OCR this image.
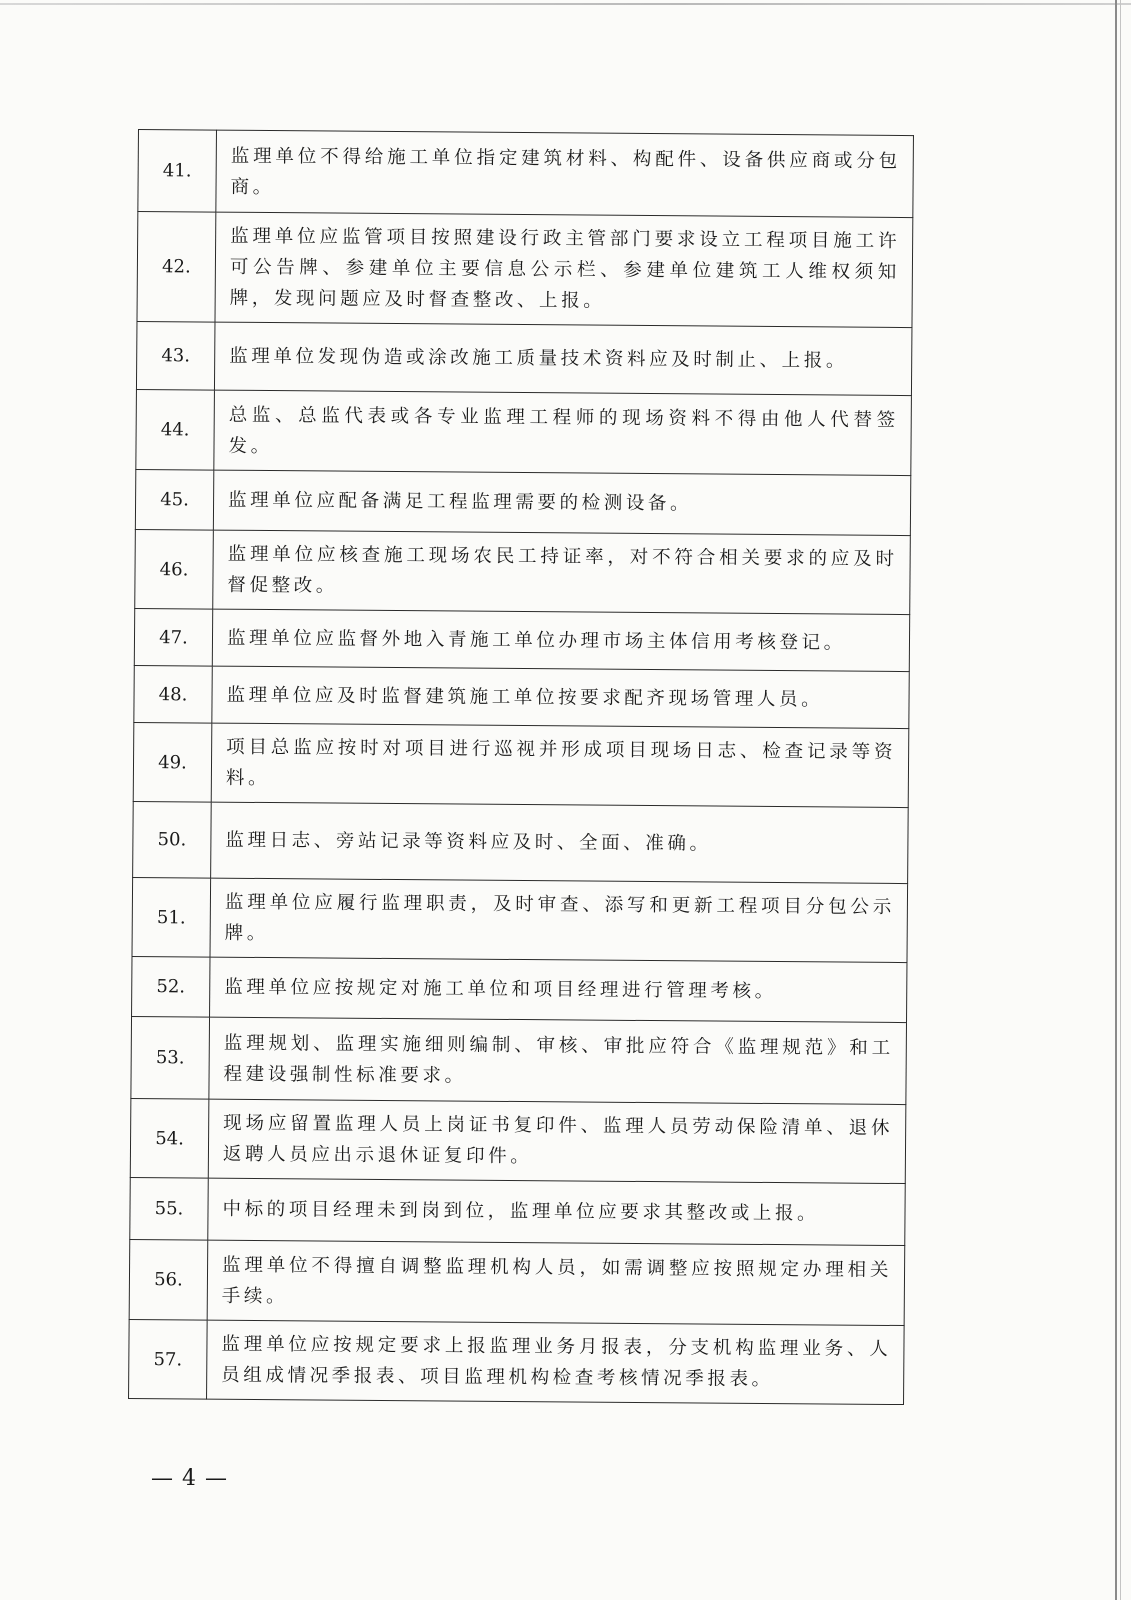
41.	监理单位不得给施工单位指定建筑材料、构配件、设备供应商或分包商。
42.	监理单位应监管项目按照建设行政主管部门要求设立工程项目施工许可公告牌、参建单位主要信息公示栏、参建单位建筑工人维权须知牌，发现问题应及时督查整改、上报。
43.	监理单位发现伪造或涂改施工质量技术资料应及时制止、上报。
44.	总监、总监代表或各专业监理工程师的现场资料不得由他人代替签发。
45.	监理单位应配备满足工程监理需要的检测设备。
46.	监理单位应核查施工现场农民工持证率，对不符合相关要求的应及时督促整改。
47.	监理单位应监督外地入青施工单位办理市场主体信用考核登记。
48.	监理单位应及时监督建筑施工单位按要求配齐现场管理人员。
49.	项目总监应按时对项目进行巡视并形成项目现场日志、检查记录等资料。
50.	监理日志、旁站记录等资料应及时、全面、准确。
51.	监理单位应履行监理职责，及时审查、添写和更新工程项目分包公示牌。
52.	监理单位应按规定对施工单位和项目经理进行管理考核。
53.	监理规划、监理实施细则编制、审核、审批应符合《监理规范》和工程建设强制性标准要求。
54.	现场应留置监理人员上岗证书复印件、监理人员劳动保险清单、退休返聘人员应出示退休证复印件。
55.	中标的项目经理未到岗到位，监理单位应要求其整改或上报。
56.	监理单位不得擅自调整监理机构人员，如需调整应按照规定办理相关手续。
57.	监理单位应按规定要求上报监理业务月报表，分支机构监理业务、人员组成情况季报表、项目监理机构检查考核情况季报表。
— 4 —
